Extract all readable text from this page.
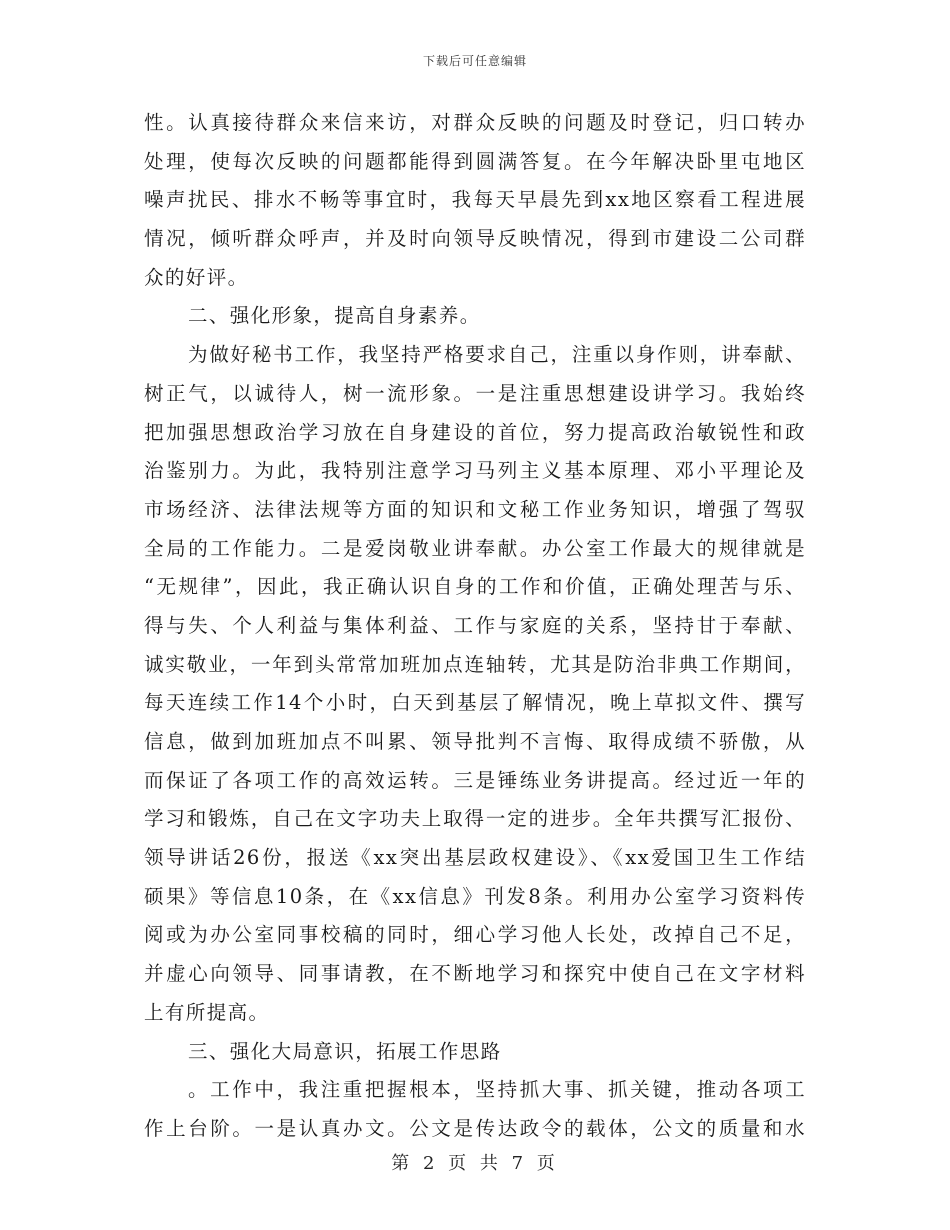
下载后可任意编辑
性。认真接待群众来信来访，对群众反映的问题及时登记，归口转办
处理，使每次反映的问题都能得到圆满答复。在今年解决卧里屯地区
噪声扰民、排水不畅等事宜时，我每天早晨先到xx地区察看工程进展
情况，倾听群众呼声，并及时向领导反映情况，得到市建设二公司群
众的好评。
二、强化形象，提高自身素养。
为做好秘书工作，我坚持严格要求自己，注重以身作则，讲奉献、
树正气，以诚待人，树一流形象。一是注重思想建设讲学习。我始终
把加强思想政治学习放在自身建设的首位，努力提高政治敏锐性和政
治鉴别力。为此，我特别注意学习马列主义基本原理、邓小平理论及
市场经济、法律法规等方面的知识和文秘工作业务知识，增强了驾驭
全局的工作能力。二是爱岗敬业讲奉献。办公室工作最大的规律就是
“无规律”，因此，我正确认识自身的工作和价值，正确处理苦与乐、
得与失、个人利益与集体利益、工作与家庭的关系，坚持甘于奉献、
诚实敬业，一年到头常常加班加点连轴转，尤其是防治非典工作期间，
每天连续工作14个小时，白天到基层了解情况，晚上草拟文件、撰写
信息，做到加班加点不叫累、领导批判不言悔、取得成绩不骄傲，从
而保证了各项工作的高效运转。三是锤练业务讲提高。经过近一年的
学习和锻炼，自己在文字功夫上取得一定的进步。全年共撰写汇报份、
领导讲话26份，报送《xx突出基层政权建设》、《xx爱国卫生工作结
硕果》等信息10条，在《xx信息》刊发8条。利用办公室学习资料传
阅或为办公室同事校稿的同时，细心学习他人长处，改掉自己不足，
并虚心向领导、同事请教，在不断地学习和探究中使自己在文字材料
上有所提高。
三、强化大局意识，拓展工作思路
。工作中，我注重把握根本，坚持抓大事、抓关键，推动各项工
作上台阶。一是认真办文。公文是传达政令的载体，公文的质量和水
第 2 页 共 7 页
